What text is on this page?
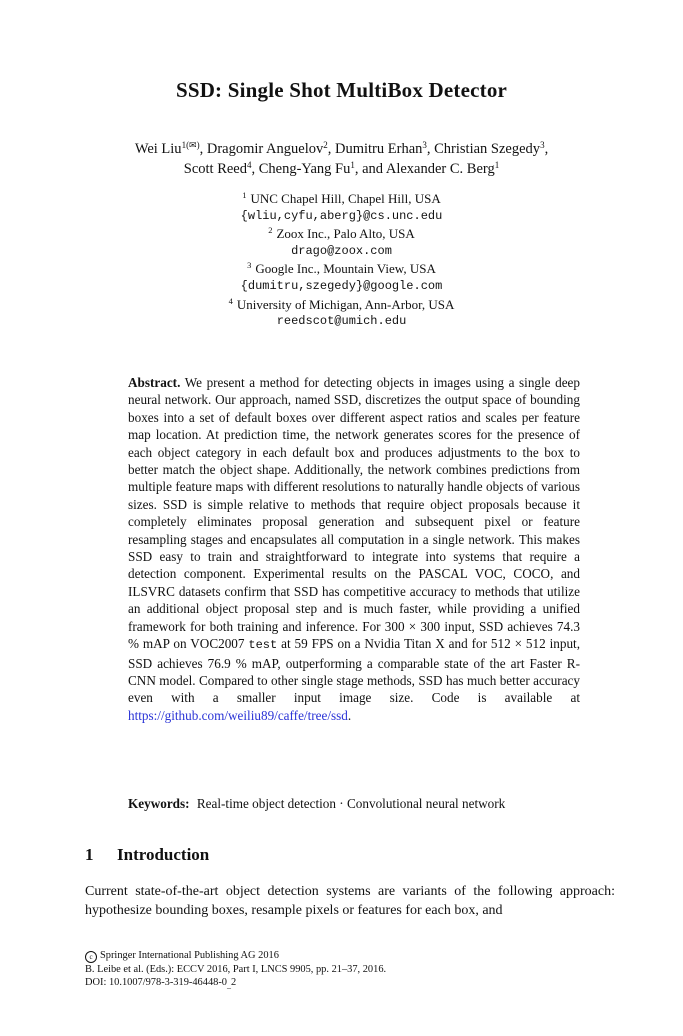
SSD: Single Shot MultiBox Detector
Wei Liu$^{1(✉)}$, Dragomir Anguelov$^2$, Dumitru Erhan$^3$, Christian Szegedy$^3$,
Scott Reed$^4$, Cheng-Yang Fu$^1$, and Alexander C. Berg$^1$
$^1$ UNC Chapel Hill, Chapel Hill, USA
{wliu,cyfu,aberg}@cs.unc.edu
$^2$ Zoox Inc., Palo Alto, USA
drago@zoox.com
$^3$ Google Inc., Mountain View, USA
{dumitru,szegedy}@google.com
$^4$ University of Michigan, Ann-Arbor, USA
reedscot@umich.edu
Abstract. We present a method for detecting objects in images using a single deep neural network. Our approach, named SSD, discretizes the output space of bounding boxes into a set of default boxes over different aspect ratios and scales per feature map location. At prediction time, the network generates scores for the presence of each object category in each default box and produces adjustments to the box to better match the object shape. Additionally, the network combines predictions from multiple feature maps with different resolutions to naturally handle objects of various sizes. SSD is simple relative to methods that require object proposals because it completely eliminates proposal generation and subsequent pixel or feature resampling stages and encapsulates all computation in a single network. This makes SSD easy to train and straightforward to integrate into systems that require a detection component. Experimental results on the PASCAL VOC, COCO, and ILSVRC datasets confirm that SSD has competitive accuracy to methods that utilize an additional object proposal step and is much faster, while providing a unified framework for both training and inference. For 300 × 300 input, SSD achieves 74.3 % mAP on VOC2007 test at 59 FPS on a Nvidia Titan X and for 512 × 512 input, SSD achieves 76.9 % mAP, outperforming a comparable state of the art Faster R-CNN model. Compared to other single stage methods, SSD has much better accuracy even with a smaller input image size. Code is available at https://github.com/weiliu89/caffe/tree/ssd.
Keywords: Real-time object detection · Convolutional neural network
1 Introduction
Current state-of-the-art object detection systems are variants of the following approach: hypothesize bounding boxes, resample pixels or features for each box, and
c Springer International Publishing AG 2016
B. Leibe et al. (Eds.): ECCV 2016, Part I, LNCS 9905, pp. 21–37, 2016.
DOI: $10.1007/978-3-319-46448-0_{\_}2$
